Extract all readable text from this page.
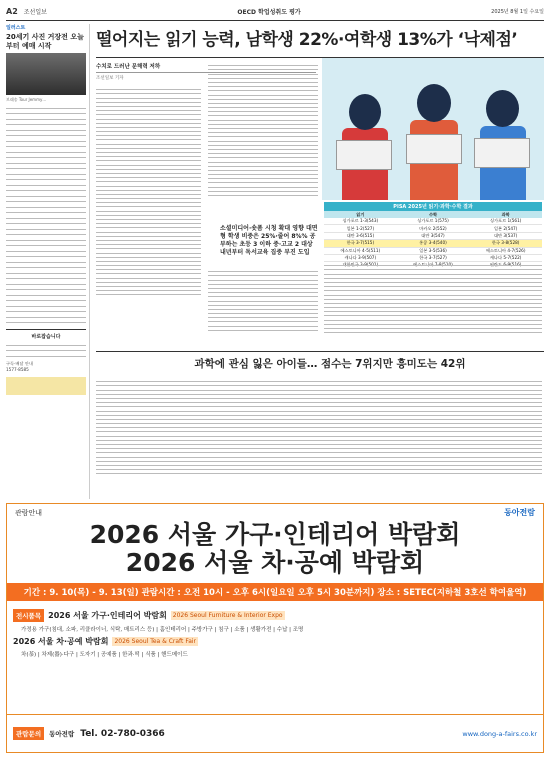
A2 조선일보	OECD 학업성취도 평가	2025년 8월 1일 수요일
일러스트
20세기 사진 거장전 오늘부터 예매 시작
브래송 Tour Jemmy…
바로잡습니다
구독·배달 안내
1577-8585
떨어지는 읽기 능력, 남학생 22%·여학생 13%가 ‘낙제점’
수치로 드러난 문해력 저하
조선일보 기자
소셜미디어·숏폼 시청 확대 영향 대면형 학생 비중은 25%·줄어 8%% 공부하는 초등 3 이하 중·고교 2 대상 내년부터 독서교육 집중 부진 도입
PISA 2025년 읽기·과학·수학 결과
읽기	수학	과학
싱가포르 1-3(543)	싱가포르 1(575)	싱가포르 1(561)
일본 1-2(527)	마카오 2(552)	일본 2(547)
대만 3-6(515)	대만 3(547)	대만 3(537)
한국 3-7(515)	홍콩 3-4(540)	한국 3-8(528)
에스토니아 4-5(511)	일본 3-5(536)	에스토니아 4-7(526)
캐나다 3-9(507)	한국 3-7(527)	캐나다 5-7(522)

과학에 관심 잃은 아이들… 점수는 7위지만 흥미도는 42위
관람안내	동아전람
2026 서울 가구·인테리어 박람회
2026 서울 차·공예 박람회
기간 : 9. 10(목) - 9. 13(일) 관람시간 : 오전 10시 - 오후 6시(일요일 오후 5시 30분까지) 장소 : SETEC(지하철 3호선 학여울역)
전시품목 2026 서울 가구·인테리어 박람회	2026 Seoul Furniture & Interior Expo
가정용 가구(침대, 소파, 리클라이너, 식탁, 매트리스 등) | 홈인테리어 | 주방가구 | 침구 | 소품 | 생활가전 | 수납 | 조명
2026 서울 차·공예 박람회	2026 Seoul Tea & Craft Fair
차(茶) | 차제(器)·다구 | 도자기 | 공예품 | 한과·떡 | 식품 | 핸드메이드
관람문의	동아전람 Tel. 02-780-0366	www.dong-a-fairs.co.kr
